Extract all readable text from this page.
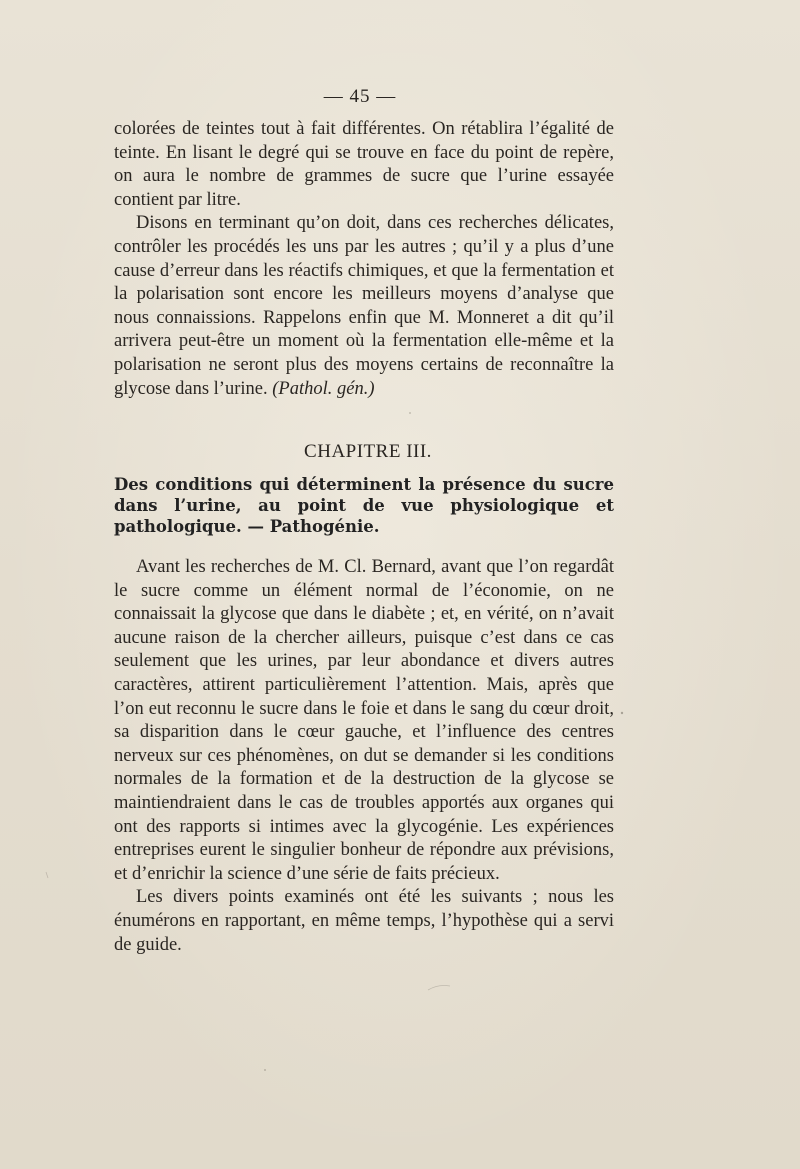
— 45 —

colorées de teintes tout à fait différentes. On rétablira l’égalité de teinte. En lisant le degré qui se trouve en face du point de repère, on aura le nombre de grammes de sucre que l’urine essayée contient par litre.

Disons en terminant qu’on doit, dans ces recherches délicates, contrôler les procédés les uns par les autres ; qu’il y a plus d’une cause d’erreur dans les réactifs chimiques, et que la fermentation et la polarisation sont encore les meilleurs moyens d’analyse que nous connaissions. Rappelons enfin que M. Monneret a dit qu’il arrivera peut-être un moment où la fermentation elle-même et la polarisation ne seront plus des moyens certains de reconnaître la glycose dans l’urine. (Pathol. gén.)

CHAPITRE III.
Des conditions qui déterminent la présence du sucre dans l’urine, au point de vue physiologique et pathologique. — Pathogénie.

Avant les recherches de M. Cl. Bernard, avant que l’on regardât le sucre comme un élément normal de l’économie, on ne connaissait la glycose que dans le diabète ; et, en vérité, on n’avait aucune raison de la chercher ailleurs, puisque c’est dans ce cas seulement que les urines, par leur abondance et divers autres caractères, attirent particulièrement l’attention. Mais, après que l’on eut reconnu le sucre dans le foie et dans le sang du cœur droit, sa disparition dans le cœur gauche, et l’influence des centres nerveux sur ces phénomènes, on dut se demander si les conditions normales de la formation et de la destruction de la glycose se maintiendraient dans le cas de troubles apportés aux organes qui ont des rapports si intimes avec la glycogénie. Les expériences entreprises eurent le singulier bonheur de répondre aux prévisions, et d’enrichir la science d’une série de faits précieux.

Les divers points examinés ont été les suivants ; nous les énumérons en rapportant, en même temps, l’hypothèse qui a servi de guide.
